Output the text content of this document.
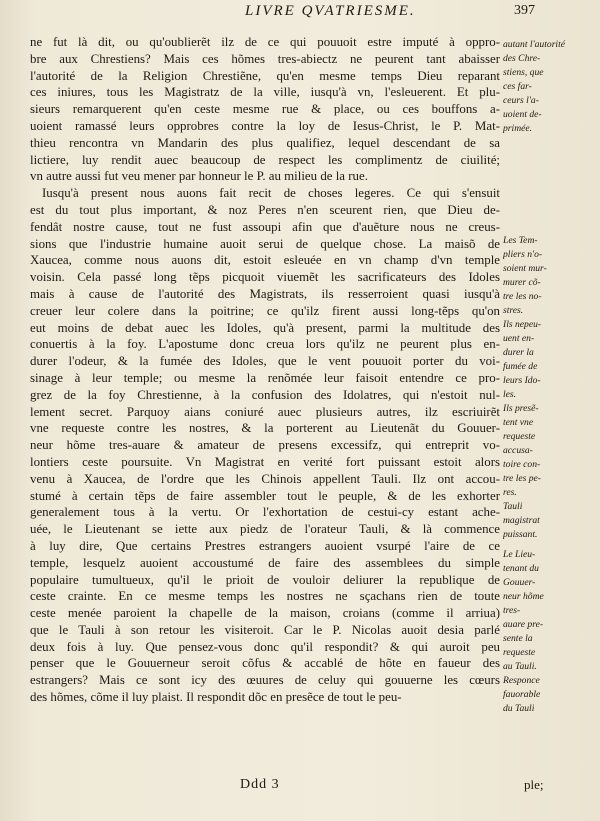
LIVRE QVATRIESME.	397
ne fut là dit, ou qu'oublierẽt ilz de ce qui pouuoit estre imputé à oppro-
bre aux Chrestiens? Mais ces hõmes tres-abiectz ne peurent tant abaisser
l'autorité de la Religion Chrestiẽne, qu'en mesme temps Dieu reparant
ces iniures, tous les Magistratz de la ville, iusqu'à vn, l'esleuerent. Et plu-
sieurs remarquerent qu'en ceste mesme rue & place, ou ces bouffons a-
uoient ramassé leurs opprobres contre la loy de Iesus-Christ, le P. Mat-
thieu rencontra vn Mandarin des plus qualifiez, lequel descendant de sa
lictiere, luy rendit auec beaucoup de respect les complimentz de ciuilité;
vn autre aussi fut veu mener par honneur le P. au milieu de la rue.
Iusqu'à present nous auons fait recit de choses legeres. Ce qui s'ensuit
est du tout plus important, & noz Peres n'en sceurent rien, que Dieu de-
fendât nostre cause, tout ne fust assoupi afin que d'auẽture nous ne creus-
sions que l'industrie humaine auoit serui de quelque chose. La maisõ de
Xaucea, comme nous auons dit, estoit esleuée en vn champ d'vn temple
voisin. Cela passé long tẽps picquoit viuemẽt les sacrificateurs des Idoles
mais à cause de l'autorité des Magistrats, ils resserroient quasi iusqu'à
creuer leur colere dans la poitrine; ce qu'ilz firent aussi long-tẽps qu'on
eut moins de debat auec les Idoles, qu'à present, parmi la multitude des
conuertis à la foy. L'apostume donc creua lors qu'ilz ne peurent plus en-
durer l'odeur, & la fumée des Idoles, que le vent pouuoit porter du voi-
sinage à leur temple; ou mesme la renõmée leur faisoit entendre ce pro-
grez de la foy Chrestienne, à la confusion des Idolatres, qui n'estoit nul-
lement secret. Parquoy aians coniuré auec plusieurs autres, ilz escriuirẽt
vne requeste contre les nostres, & la porterent au Lieutenãt du Gouuer-
neur hõme tres-auare & amateur de presens excessifz, qui entreprit vo-
lontiers ceste poursuite. Vn Magistrat en verité fort puissant estoit alors
venu à Xaucea, de l'ordre que les Chinois appellent Tauli. Ilz ont accou-
stumé à certain tẽps de faire assembler tout le peuple, & de les exhorter
generalement tous à la vertu. Or l'exhortation de cestui-cy estant ache-
uée, le Lieutenant se iette aux piedz de l'orateur Tauli, & là commence
à luy dire, Que certains Prestres estrangers auoient vsurpé l'aire de ce
temple, lesquelz auoient accoustumé de faire des assemblees du simple
populaire tumultueux, qu'il le prioit de vouloir deliurer la republique de
ceste crainte. En ce mesme temps les nostres ne sçachans rien de toute
ceste menée paroient la chapelle de la maison, croians (comme il arriua)
que le Tauli à son retour les visiteroit. Car le P. Nicolas auoit desia parlé
deux fois à luy. Que pensez-vous donc qu'il respondit? & qui auroit peu
penser que le Gouuerneur seroit cõfus & accablé de hõte en faueur des
estrangers? Mais ce sont icy des œuures de celuy qui gouuerne les cœurs
des hõmes, cõme il luy plaist. Il respondit dõc en presẽce de tout le peu-
autant l'autorité
des Chre-
stiens, que
ces far-
ceurs l'a-
uoient de-
primée.
Les Tem-
pliers n'o-
soient mur-
murer cõ-
tre les no-
stres.
Ils nepeu-
uent en-
durer la
fumée de
leurs Ido-
les.
Ils presẽ-
tent vne
requeste
accusa-
toire con-
tre les pe-
res.
Tauli
magistrat
puissant.
Le Lieu-
tenant du
Gouuer-
neur hõme
tres-
auare pre-
sente la
requeste
au Tauli.
Responce
fauorable
du Tauli
Ddd 3	ple;
